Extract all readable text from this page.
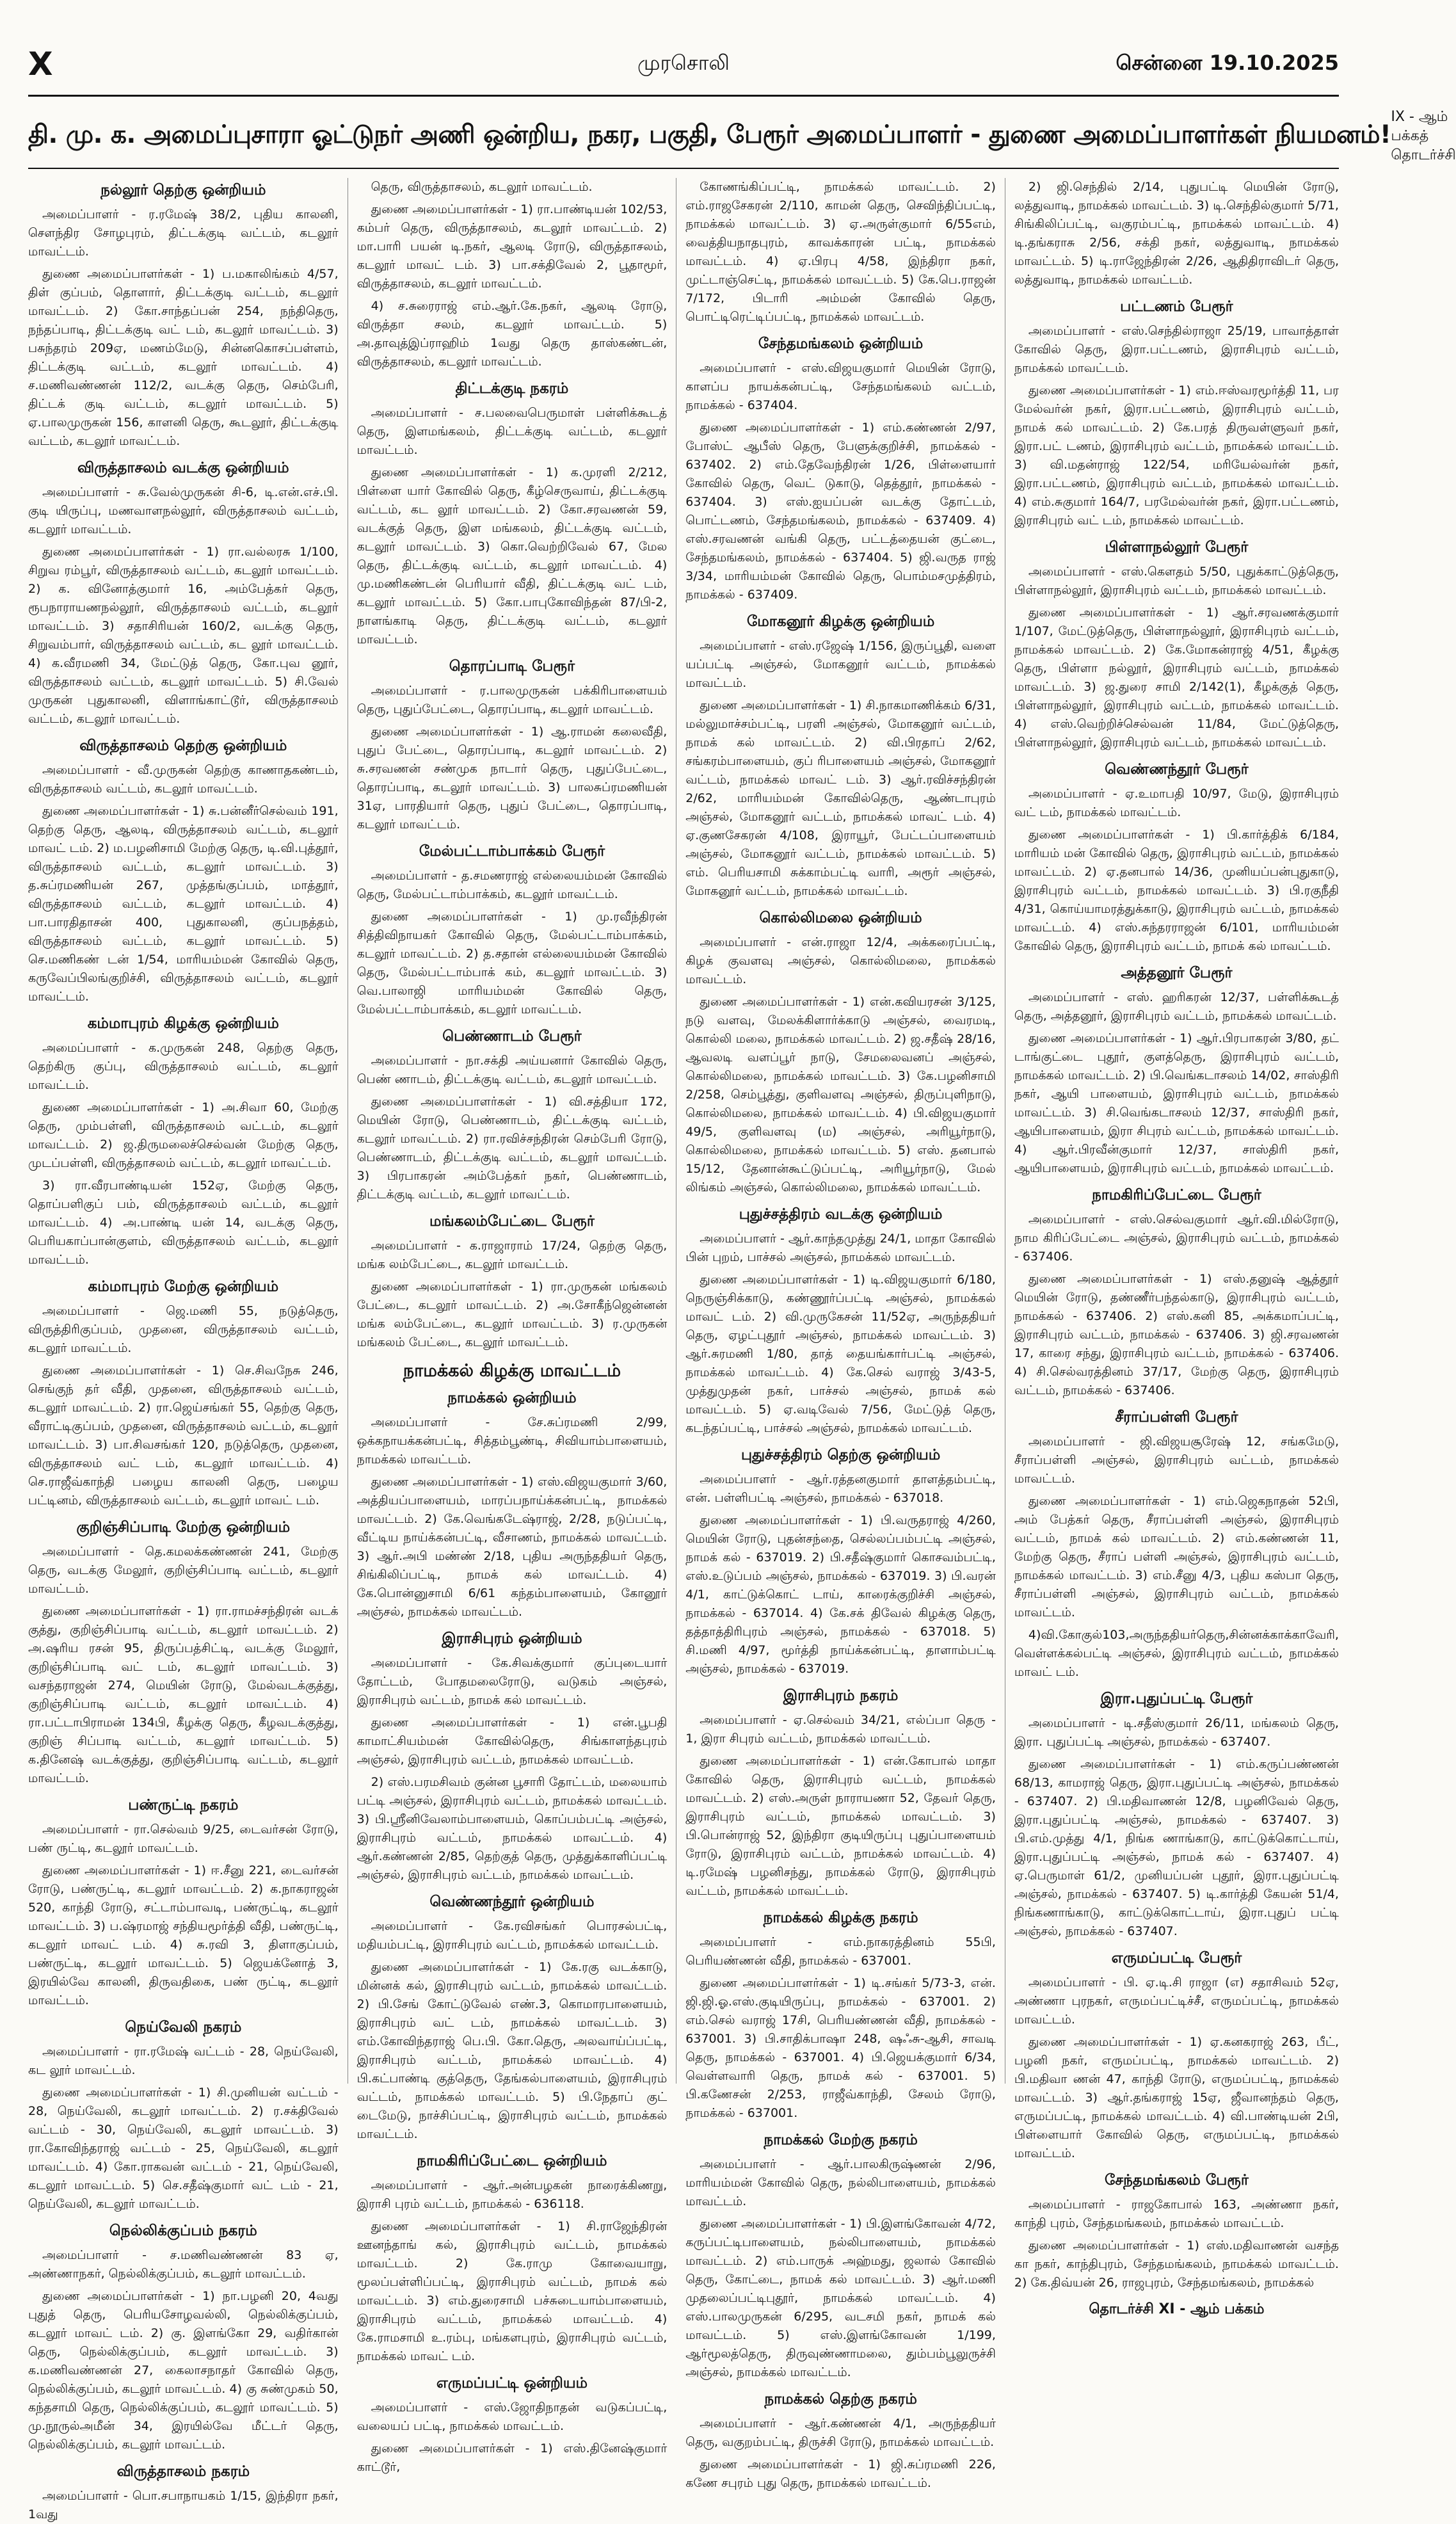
X	முரசொலி	சென்னை 19.10.2025
தி. மு. க. அமைப்புசாரா ஓட்டுநர் அணி ஒன்றிய, நகர, பகுதி, பேரூர் அமைப்பாளர் - துணை அமைப்பாளர்கள் நியமனம்!
IX - ஆம் பக்கத் தொடர்ச்சி
நல்லூர் தெற்கு ஒன்றியம்

அமைப்பாளர் - ர.ரமேஷ் 38/2, புதிய காலனி, சௌந்திர சோழபுரம், திட்டக்குடி வட்டம், கடலூர் மாவட்டம்.

துணை அமைப்பாளர்கள் - 1) ப.மகாலிங்கம் 4/57, திள் குப்பம், தொளார், திட்டக்குடி வட்டம், கடலூர் மாவட்டம். 2) கோ.சாந்தப்பன் 254, நந்திதெரு, நந்தப்பாடி, திட்டக்குடி வட் டம், கடலூர் மாவட்டம். 3) பசுந்தரம் 209ஏ, மணம்மேடு, சின்னகொசப்பள்ளம், திட்டக்குடி வட்டம், கடலூர் மாவட்டம். 4) ச.மணிவண்ணன் 112/2, வடக்கு தெரு, செம்பேரி, திட்டக் குடி வட்டம், கடலூர் மாவட்டம். 5) ஏ.பாலமுருகன் 156, காளனி தெரு, கூடலூர், திட்டக்குடி வட்டம், கடலூர் மாவட்டம்.

விருத்தாசலம் வடக்கு ஒன்றியம்

அமைப்பாளர் - சு.வேல்முருகன் சி-6, டி.என்.எச்.பி. குடி யிருப்பு, மணவாளநல்லூர், விருத்தாசலம் வட்டம், கடலூர் மாவட்டம்.

துணை அமைப்பாளர்கள் - 1) ரா.வல்லரசு 1/100, சிறுவ ரம்பூர், விருத்தாசலம் வட்டம், கடலூர் மாவட்டம். 2) க. வினோத்குமார் 16, அம்பேத்கர் தெரு, ரூபநாராயணநல்லூர், விருத்தாசலம் வட்டம், கடலூர் மாவட்டம். 3) சதாசிரியன் 160/2, வடக்கு தெரு, சிறுவம்பார், விருத்தாசலம் வட்டம், கட லூர் மாவட்டம். 4) க.வீரமணி 34, மேட்டுத் தெரு, கோ.புவ னூர், விருத்தாசலம் வட்டம், கடலூர் மாவட்டம். 5) சி.வேல் முருகன் புதுகாலனி, விளாங்காட்டூர், விருத்தாசலம் வட்டம், கடலூர் மாவட்டம்.

விருத்தாசலம் தெற்கு ஒன்றியம்

அமைப்பாளர் - வீ.முருகன் தெற்கு காணாதகண்டம், விருத்தாசலம் வட்டம், கடலூர் மாவட்டம்.

துணை அமைப்பாளர்கள் - 1) சு.பன்னீர்செல்வம் 191, தெற்கு தெரு, ஆலடி, விருத்தாசலம் வட்டம், கடலூர் மாவட் டம். 2) ம.பழனிசாமி மேற்கு தெரு, டி.வி.புத்தூர், விருத்தாசலம் வட்டம், கடலூர் மாவட்டம். 3) த.சுப்ரமணியன் 267, முத்தங்குப்பம், மாத்தூர், விருத்தாசலம் வட்டம், கடலூர் மாவட்டம். 4) பா.பாரதிதாசன் 400, புதுகாலனி, குப்பநத்தம், விருத்தாசலம் வட்டம், கடலூர் மாவட்டம். 5) செ.மணிகண் டன் 1/54, மாரியம்மன் கோவில் தெரு, கருவேப்பிலங்குறிச்சி, விருத்தாசலம் வட்டம், கடலூர் மாவட்டம்.

கம்மாபுரம் கிழக்கு ஒன்றியம்

அமைப்பாளர் - க.முருகன் 248, தெற்கு தெரு, தெற்கிரு குப்பு, விருத்தாசலம் வட்டம், கடலூர் மாவட்டம்.

துணை அமைப்பாளர்கள் - 1) அ.சிவா 60, மேற்கு தெரு, மும்பள்ளி, விருத்தாசலம் வட்டம், கடலூர் மாவட்டம். 2) ஜ.திருமலைச்செல்வன் மேற்கு தெரு, முடப்பள்ளி, விருத்தாசலம் வட்டம், கடலூர் மாவட்டம்.

3) ரா.வீரபாண்டியன் 152ஏ, மேற்கு தெரு, தொப்பளிகுப் பம், விருத்தாசலம் வட்டம், கடலூர் மாவட்டம். 4) அ.பாண்டி யன் 14, வடக்கு தெரு, பெரியகாப்பான்குளம், விருத்தாசலம் வட்டம், கடலூர் மாவட்டம்.

கம்மாபுரம் மேற்கு ஒன்றியம்

அமைப்பாளர் - ஜெ.மணி 55, நடுத்தெரு, விருத்திரிகுப்பம், முதனை, விருத்தாசலம் வட்டம், கடலூர் மாவட்டம்.

துணை அமைப்பாளர்கள் - 1) செ.சிவநேசு 246, செங்குந் தர் வீதி, முதனை, விருத்தாசலம் வட்டம், கடலூர் மாவட்டம். 2) ரா.ஜெய்சங்கர் 55, தெற்கு தெரு, வீராட்டிகுப்பம், முதனை, விருத்தாசலம் வட்டம், கடலூர் மாவட்டம். 3) பா.சிவசங்கர் 120, நடுத்தெரு, முதனை, விருத்தாசலம் வட் டம், கடலூர் மாவட்டம். 4) செ.ராஜீவ்காந்தி பழைய காலனி தெரு, பழைய பட்டினம், விருத்தாசலம் வட்டம், கடலூர் மாவட் டம்.

குறிஞ்சிப்பாடி மேற்கு ஒன்றியம்

அமைப்பாளர் - தெ.கமலக்கண்ணன் 241, மேற்கு தெரு, வடக்கு மேலூர், குறிஞ்சிப்பாடி வட்டம், கடலூர் மாவட்டம்.

துணை அமைப்பாளர்கள் - 1) ரா.ராமச்சந்திரன் வடக் குத்து, குறிஞ்சிப்பாடி வட்டம், கடலூர் மாவட்டம். 2) அ.ஷரிய ரசன் 95, திருப்பத்சிட்டி, வடக்கு மேலூர், குறிஞ்சிப்பாடி வட் டம், கடலூர் மாவட்டம். 3) வசந்தராஜன் 274, மெயின் ரோடு, மேல்வடக்குத்து, குறிஞ்சிப்பாடி வட்டம், கடலூர் மாவட்டம். 4) ரா.பட்டாபிராமன் 134பி, கீழக்கு தெரு, கீழவடக்குத்து, குறிஞ் சிப்பாடி வட்டம், கடலூர் மாவட்டம். 5) க.தினேஷ் வடக்குத்து, குறிஞ்சிப்பாடி வட்டம், கடலூர் மாவட்டம்.

பண்ருட்டி நகரம்

அமைப்பாளர் - ரா.செல்வம் 9/25, டைவர்சன் ரோடு, பண் ருட்டி, கடலூர் மாவட்டம்.

துணை அமைப்பாளர்கள் - 1) ஈ.சீனு 221, டைவர்சன் ரோடு, பண்ருட்டி, கடலூர் மாவட்டம். 2) க.நாகராஜன் 520, காந்தி ரோடு, சட்டாம்பாவடி, பண்ருட்டி, கடலூர் மாவட்டம். 3) ப.ஷ்ரமாஜ் சந்தியமூர்த்தி வீதி, பண்ருட்டி, கடலூர் மாவட் டம். 4) சு.ரவி 3, திளாகுப்பம், பண்ருட்டி, கடலூர் மாவட்டம். 5) ஜெயக்னோத் 3, இரயில்வே காலனி, திருவதிகை, பண் ருட்டி, கடலூர் மாவட்டம்.

நெய்வேலி நகரம்

அமைப்பாளர் - ரா.ரமேஷ் வட்டம் - 28, நெய்வேலி, கட லூர் மாவட்டம்.

துணை அமைப்பாளர்கள் - 1) சி.முனியன் வட்டம் - 28, நெய்வேலி, கடலூர் மாவட்டம். 2) ர.சக்திவேல் வட்டம் - 30, நெய்வேலி, கடலூர் மாவட்டம். 3) ரா.கோவிந்தராஜ் வட்டம் - 25, நெய்வேலி, கடலூர் மாவட்டம். 4) கோ.ராகவன் வட்டம் - 21, நெய்வேலி, கடலூர் மாவட்டம். 5) செ.சதீஷ்குமார் வட் டம் - 21, நெய்வேலி, கடலூர் மாவட்டம்.

நெல்லிக்குப்பம் நகரம்

அமைப்பாளர் - ச.மணிவண்ணன் 83 ஏ, அண்ணாநகர், நெல்லிக்குப்பம், கடலூர் மாவட்டம்.

துணை அமைப்பாளர்கள் - 1) நா.பழனி 20, 4வது புதுத் தெரு, பெரியசோழவல்லி, நெல்லிக்குப்பம், கடலூர் மாவட் டம். 2) கு. இளங்கோ 29, வதிர்கான் தெரு, நெல்லிக்குப்பம், கடலூர் மாவட்டம். 3) க.மணிவண்ணன் 27, கைலாசநாதர் கோவில் தெரு, நெல்லிக்குப்பம், கடலூர் மாவட்டம். 4) கு சுண்முகம் 50, கந்தசாமி தெரு, நெல்லிக்குப்பம், கடலூர் மாவட்டம். 5) மு.நூருல்அமீன் 34, இரயில்வே மீட்டர் தெரு, நெல்லிக்குப்பம், கடலூர் மாவட்டம்.

விருத்தாசலம் நகரம்

அமைப்பாளர் - பொ.சபாநாயகம் 1/15, இந்திரா நகர், 1வது

தெரு, விருத்தாசலம், கடலூர் மாவட்டம்.

துணை அமைப்பாளர்கள் - 1) ரா.பாண்டியன் 102/53, கம்பர் தெரு, விருத்தாசலம், கடலூர் மாவட்டம். 2) மா.பாரி பயன் டி.நகர், ஆலடி ரோடு, விருத்தாசலம், கடலூர் மாவட் டம். 3) பா.சக்திவேல் 2, பூதாமூர், விருத்தாசலம், கடலூர் மாவட்டம்.

4) ச.சுரைராஜ் எம்.ஆர்.கே.நகர், ஆலடி ரோடு, விருத்தா சலம், கடலூர் மாவட்டம். 5) அ.தாவுத்இப்ராஹிம் 1வது தெரு தாஸ்கண்டன், விருத்தாசலம், கடலூர் மாவட்டம்.

திட்டக்குடி நகரம்

அமைப்பாளர் - ச.பலவைபெருமாள் பள்ளிக்கூடத் தெரு, இளமங்கலம், திட்டக்குடி வட்டம், கடலூர் மாவட்டம்.

துணை அமைப்பாளர்கள் - 1) க.முரளி 2/212, பிள்ளை யார் கோவில் தெரு, கீழ்செருவாய், திட்டக்குடி வட்டம், கட லூர் மாவட்டம். 2) கோ.சரவணன் 59, வடக்குத் தெரு, இள மங்கலம், திட்டக்குடி வட்டம், கடலூர் மாவட்டம். 3) கொ.வெற்றிவேல் 67, மேல தெரு, திட்டக்குடி வட்டம், கடலூர் மாவட்டம். 4) மு.மணிகண்டன் பெரியார் வீதி, திட்டக்குடி வட் டம், கடலூர் மாவட்டம். 5) கோ.பாபுகோவிந்தன் 87/பி-2, நாளங்காடி தெரு, திட்டக்குடி வட்டம், கடலூர் மாவட்டம்.

தொரப்பாடி பேரூர்

அமைப்பாளர் - ர.பாலமுருகன் பக்கிரிபாளையம் தெரு, புதுப்பேட்டை, தொரப்பாடி, கடலூர் மாவட்டம்.

துணை அமைப்பாளர்கள் - 1) ஆ.ராமன் கலைவீதி, புதுப் பேட்டை, தொரப்பாடி, கடலூர் மாவட்டம். 2) சு.சரவணன் சண்முக நாடார் தெரு, புதுப்பேட்டை, தொரப்பாடி, கடலூர் மாவட்டம். 3) பாலசுப்ரமணியன் 31ஏ, பாரதியார் தெரு, புதுப் பேட்டை, தொரப்பாடி, கடலூர் மாவட்டம்.

மேல்பட்டாம்பாக்கம் பேரூர்

அமைப்பாளர் - த.சமணராஜ் எல்லையம்மன் கோவில் தெரு, மேல்பட்டாம்பாக்கம், கடலூர் மாவட்டம்.

துணை அமைப்பாளர்கள் - 1) மு.ரவீந்திரன் சித்திவிநாயகர் கோவில் தெரு, மேல்பட்டாம்பாக்கம், கடலூர் மாவட்டம். 2) த.சதான் எல்லையம்மன் கோவில் தெரு, மேல்பட்டாம்பாக் கம், கடலூர் மாவட்டம். 3) வெ.பாலாஜி மாரியம்மன் கோவில் தெரு, மேல்பட்டாம்பாக்கம், கடலூர் மாவட்டம்.

பெண்ணாடம் பேரூர்

அமைப்பாளர் - நா.சக்தி அய்யனார் கோவில் தெரு, பெண் ணாடம், திட்டக்குடி வட்டம், கடலூர் மாவட்டம்.

துணை அமைப்பாளர்கள் - 1) வி.சத்தியா 172, மெயின் ரோடு, பெண்ணாடம், திட்டக்குடி வட்டம், கடலூர் மாவட்டம். 2) ரா.ரவிச்சந்திரன் செம்பேரி ரோடு, பெண்ணாடம், திட்டக்குடி வட்டம், கடலூர் மாவட்டம். 3) பிரபாகரன் அம்பேத்கர் நகர், பெண்ணாடம், திட்டக்குடி வட்டம், கடலூர் மாவட்டம்.

மங்கலம்பேட்டை பேரூர்

அமைப்பாளர் - க.ராஜாராம் 17/24, தெற்கு தெரு, மங்க லம்பேட்டை, கடலூர் மாவட்டம்.

துணை அமைப்பாளர்கள் - 1) ரா.முருகன் மங்கலம் பேட்டை, கடலூர் மாவட்டம். 2) அ.சோகீந்ஜென்னன் மங்க லம்பேட்டை, கடலூர் மாவட்டம். 3) ர.முருகன் மங்கலம் பேட்டை, கடலூர் மாவட்டம்.

நாமக்கல் கிழக்கு மாவட்டம்
நாமக்கல் ஒன்றியம்

அமைப்பாளர் - சே.சுப்ரமணி 2/99, ஒக்கநாயக்கன்பட்டி, சித்தம்பூண்டி, சிவியாம்பாளையம், நாமக்கல் மாவட்டம்.

துணை அமைப்பாளர்கள் - 1) எஸ்.விஜயகுமார் 3/60, அத்தியப்பாளையம், மாரப்பநாய்க்கன்பட்டி, நாமக்கல் மாவட்டம். 2) கே.வெங்கடேஷ்ராஜ், 2/28, நடுப்பட்டி, வீட்டிய நாய்க்கன்பட்டி, வீசாணம், நாமக்கல் மாவட்டம். 3) ஆர்.அபி மண்ண் 2/18, புதிய அருந்ததியர் தெரு, சிங்கிலிப்பட்டி, நாமக் கல் மாவட்டம். 4) கே.பொன்னுசாமி 6/61 கந்தம்பாளையம், கோனூர் அஞ்சல், நாமக்கல் மாவட்டம்.

இராசிபுரம் ஒன்றியம்

அமைப்பாளர் - கே.சிவக்குமார் குப்புடையார் தோட்டம், போதமலைரோடு, வடுகம் அஞ்சல், இராசிபுரம் வட்டம், நாமக் கல் மாவட்டம்.

துணை அமைப்பாளர்கள் - 1) என்.பூபதி காமாட்சியம்மன் கோவில்தெரு, சிங்காளந்தபுரம் அஞ்சல், இராசிபுரம் வட்டம், நாமக்கல் மாவட்டம்.

2) எஸ்.பரமசிவம் குன்ன பூசாரி தோட்டம், மலையாம் பட்டி அஞ்சல், இராசிபுரம் வட்டம், நாமக்கல் மாவட்டம். 3) பி.ஸ்ரீனிவேலாம்பாளையம், கொப்பம்பட்டி அஞ்சல், இராசிபுரம் வட்டம், நாமக்கல் மாவட்டம். 4) ஆர்.கண்ணன் 2/85, தெற்குத் தெரு, முத்துக்காளிப்பட்டி அஞ்சல், இராசிபுரம் வட்டம், நாமக்கல் மாவட்டம்.

வெண்ணந்தூர் ஒன்றியம்

அமைப்பாளர் - கே.ரவிசங்கர் பொரசல்பட்டி, மதியம்பட்டி, இராசிபுரம் வட்டம், நாமக்கல் மாவட்டம்.

துணை அமைப்பாளர்கள் - 1) கே.ரகு வடக்காடு, மின்னக் கல், இராசிபுரம் வட்டம், நாமக்கல் மாவட்டம். 2) பி.சேங் கோட்டுவேல் எண்.3, கொமாரபாளையம், இராசிபுரம் வட் டம், நாமக்கல் மாவட்டம். 3) எம்.கோவிந்தராஜ் பெ.பி. கோ.தெரு, அலவாய்ப்பட்டி, இராசிபுரம் வட்டம், நாமக்கல் மாவட்டம். 4) பி.கட்பாண்டி குத்தெரு, தேங்கல்பாளையம், இராசிபுரம் வட்டம், நாமக்கல் மாவட்டம். 5) பி.நேதாப் குட் டைமேடு, நாச்சிப்பட்டி, இராசிபுரம் வட்டம், நாமக்கல் மாவட்டம்.

நாமகிரிப்பேட்டை ஒன்றியம்

அமைப்பாளர் - ஆர்.அன்பழகன் நாரைக்கிணறு, இராசி புரம் வட்டம், நாமக்கல் - 636118.

துணை அமைப்பாளர்கள் - 1) சி.ராஜேந்திரன் ஊனந்தாங் கல், இராசிபுரம் வட்டம், நாமக்கல் மாவட்டம். 2) கே.ராமு கோவையாறு, மூலப்பள்ளிப்பட்டி, இராசிபுரம் வட்டம், நாமக் கல் மாவட்டம். 3) எம்.துரைசாமி பச்சுடையாம்பாளையம், இராசிபுரம் வட்டம், நாமக்கல் மாவட்டம். 4) கே.ராமசாமி உ.ரம்பு, மங்களபுரம், இராசிபுரம் வட்டம், நாமக்கல் மாவட் டம்.

எருமப்பட்டி ஒன்றியம்

அமைப்பாளர் - எஸ்.ஜோதிநாதன் வடுகப்பட்டி, வலையப் பட்டி, நாமக்கல் மாவட்டம்.

துணை அமைப்பாளர்கள் - 1) எஸ்.தினேஷ்குமார் காட்டூர்,

கோணங்கிப்பட்டி, நாமக்கல் மாவட்டம். 2) எம்.ராஜசேகரன் 2/110, காமன் தெரு, செவிந்திப்பட்டி, நாமக்கல் மாவட்டம். 3) ஏ.அருள்குமார் 6/55எம், வைத்தியநாதபுரம், காவக்காரன் பட்டி, நாமக்கல் மாவட்டம். 4) ஏ.பிரபு 4/58, இந்திரா நகர், முட்டாஞ்செட்டி, நாமக்கல் மாவட்டம். 5) கே.பெ.ராஜன் 7/172, பிடாரி அம்மன் கோவில் தெரு, பொட்டிரெட்டிப்பட்டி, நாமக்கல் மாவட்டம்.

சேந்தமங்கலம் ஒன்றியம்

அமைப்பாளர் - எஸ்.விஜயகுமார் மெயின் ரோடு, காளப்ப நாயக்கன்பட்டி, சேந்தமங்கலம் வட்டம், நாமக்கல் - 637404.

துணை அமைப்பாளர்கள் - 1) எம்.கண்ணன் 2/97, போஸ்ட் ஆபீஸ் தெரு, பேளுக்குறிச்சி, நாமக்கல் - 637402. 2) எம்.தேவேந்திரன் 1/26, பிள்ளையார் கோவில் தெரு, வெட் டுகாடு, தெத்தூர், நாமக்கல் - 637404. 3) எஸ்.ஐயப்பன் வடக்கு தோட்டம், பொட்டணம், சேந்தமங்கலம், நாமக்கல் - 637409. 4) எஸ்.சரவணன் வங்கி தெரு, பட்டத்தையன் குட்டை, சேந்தமங்கலம், நாமக்கல் - 637404. 5) ஜி.வருத ராஜ் 3/34, மாரியம்மன் கோவில் தெரு, பொம்மசமுத்திரம், நாமக்கல் - 637409.

மோகனூர் கிழக்கு ஒன்றியம்

அமைப்பாளர் - எஸ்.ரஜேஷ் 1/156, இருப்பூதி, வளை யப்பட்டி அஞ்சல், மோகனூர் வட்டம், நாமக்கல் மாவட்டம்.

துணை அமைப்பாளர்கள் - 1) சி.நாகமாணிக்கம் 6/31, மல்லுமாச்சம்பட்டி, பரளி அஞ்சல், மோகனூர் வட்டம், நாமக் கல் மாவட்டம். 2) வி.பிரதாப் 2/62, சங்கரம்பாளையம், குப் ரிபாளையம் அஞ்சல், மோகனூர் வட்டம், நாமக்கல் மாவட் டம். 3) ஆர்.ரவிச்சந்திரன் 2/62, மாரியம்மன் கோவில்தெரு, ஆண்டாபுரம் அஞ்சல், மோகனூர் வட்டம், நாமக்கல் மாவட் டம். 4) ஏ.குணசேகரன் 4/108, இராயூர், பேட்டப்பாளையம் அஞ்சல், மோகனூர் வட்டம், நாமக்கல் மாவட்டம். 5) எம். பெரியசாமி சுக்காம்பட்டி வாரி, அரூர் அஞ்சல், மோகனூர் வட்டம், நாமக்கல் மாவட்டம்.

கொல்லிமலை ஒன்றியம்

அமைப்பாளர் - என்.ராஜா 12/4, அக்கரைப்பட்டி, கிழக் குவளவு அஞ்சல், கொல்லிமலை, நாமக்கல் மாவட்டம்.

துணை அமைப்பாளர்கள் - 1) என்.கவியரசன் 3/125, நடு வளவு, மேலக்கிளார்க்காடு அஞ்சல், வைரமடி, கொல்லி மலை, நாமக்கல் மாவட்டம். 2) ஜ.சதீஷ் 28/16, ஆவலடி வளப்பூர் நாடு, சேமலைவனப் அஞ்சல், கொல்லிமலை, நாமக்கல் மாவட்டம். 3) கே.பழனிசாமி 2/258, செம்பூத்து, குளிவளவு அஞ்சல், திருப்புளிநாடு, கொல்லிமலை, நாமக்கல் மாவட்டம். 4) பி.விஜயகுமார் 49/5, குளிவளவு (ம) அஞ்சல், அரியூர்நாடு, கொல்லிமலை, நாமக்கல் மாவட்டம். 5) எஸ். தனபால் 15/12, தேனான்கூட்டுப்பட்டி, அரியூர்நாடு, மேல் லிங்கம் அஞ்சல், கொல்லிமலை, நாமக்கல் மாவட்டம்.

புதுச்சத்திரம் வடக்கு ஒன்றியம்

அமைப்பாளர் - ஆர்.காந்தமுத்து 24/1, மாதா கோவில் பின் புறம், பாச்சல் அஞ்சல், நாமக்கல் மாவட்டம்.

துணை அமைப்பாளர்கள் - 1) டி.விஜயகுமார் 6/180, நெருஞ்சிக்காடு, கண்ணூர்ப்பட்டி அஞ்சல், நாமக்கல் மாவட் டம். 2) வி.முருகேசன் 11/52ஏ, அருந்ததியர் தெரு, ஏழட்புதூர் அஞ்சல், நாமக்கல் மாவட்டம். 3) ஆர்.சுரமணி 1/80, தாத் தையங்கார்பட்டி அஞ்சல், நாமக்கல் மாவட்டம். 4) கே.செல் வராஜ் 3/43-5, முத்துமுதன் நகர், பாச்சல் அஞ்சல், நாமக் கல் மாவட்டம். 5) ஏ.வடிவேல் 7/56, மேட்டுத் தெரு, கடந்தப்பட்டி, பாச்சல் அஞ்சல், நாமக்கல் மாவட்டம்.

புதுச்சத்திரம் தெற்கு ஒன்றியம்

அமைப்பாளர் - ஆர்.ரத்தனகுமார் தாளத்தம்பட்டி, என். பள்ளிபட்டி அஞ்சல், நாமக்கல் - 637018.

துணை அமைப்பாளர்கள் - 1) பி.வருதராஜ் 4/260, மெயின் ரோடு, புதன்சந்தை, செல்லப்பம்பட்டி அஞ்சல், நாமக் கல் - 637019. 2) பி.சதீஷ்குமார் கொசவம்பட்டி, எஸ்.உடுப்பம் அஞ்சல், நாமக்கல் - 637019. 3) பி.வரன் 4/1, காட்டுக்கொட் டாய், காரைக்குறிச்சி அஞ்சல், நாமக்கல் - 637014. 4) கே.சக் திவேல் கிழக்கு தெரு, தத்தாத்திரிபுரம் அஞ்சல், நாமக்கல் - 637018. 5) சி.மணி 4/97, மூர்த்தி நாய்க்கன்பட்டி, தாளாம்பட்டி அஞ்சல், நாமக்கல் - 637019.

இராசிபுரம் நகரம்

அமைப்பாளர் - ஏ.செல்வம் 34/21, எல்ப்பா தெரு - 1, இரா சிபுரம் வட்டம், நாமக்கல் மாவட்டம்.

துணை அமைப்பாளர்கள் - 1) என்.கோபால் மாதா கோவில் தெரு, இராசிபுரம் வட்டம், நாமக்கல் மாவட்டம். 2) எஸ்.அருள் நாராயணா 52, தேவர் தெரு, இராசிபுரம் வட்டம், நாமக்கல் மாவட்டம். 3) பி.பொன்ராஜ் 52, இந்திரா குடியிருப்பு புதுப்பாளையம் ரோடு, இராசிபுரம் வட்டம், நாமக்கல் மாவட்டம். 4) டி.ரமேஷ் பழனிசந்து, நாமக்கல் ரோடு, இராசிபுரம் வட்டம், நாமக்கல் மாவட்டம்.

நாமக்கல் கிழக்கு நகரம்

அமைப்பாளர் - எம்.நாகரத்தினம் 55பி, பெரியண்ணன் வீதி, நாமக்கல் - 637001.

துணை அமைப்பாளர்கள் - 1) டி.சங்கர் 5/73-3, என். ஜி.ஜி.ஓ.எஸ்.குடியிருப்பு, நாமக்கல் - 637001. 2) எம்.செல் வராஜ் 17சி, பெரியண்ணன் வீதி, நாமக்கல் - 637001. 3) பி.சாதிக்பாஷா 248, ஷஃசு-ஆசி, சாவடி தெரு, நாமக்கல் - 637001. 4) பி.ஜெயக்குமார் 6/34, வெள்ளவாரி தெரு, நாமக் கல் - 637001. 5) பி.கணேசன் 2/253, ராஜீவ்காந்தி, சேலம் ரோடு, நாமக்கல் - 637001.

நாமக்கல் மேற்கு நகரம்

அமைப்பாளர் - ஆர்.பாலகிருஷ்ணன் 2/96, மாரியம்மன் கோவில் தெரு, நல்லிபாளையம், நாமக்கல் மாவட்டம்.

துணை அமைப்பாளர்கள் - 1) பி.இளங்கோவன் 4/72, கருப்பட்டிபாளையம், நல்லிபாளையம், நாமக்கல் மாவட்டம். 2) எம்.பாருக் அஹ்மது, ஜலால் கோவில் தெரு, கோட்டை, நாமக் கல் மாவட்டம். 3) ஆர்.மணி முதலைப்பட்டிபுதூர், நாமக்கல் மாவட்டம். 4) எஸ்.பாலமுருகன் 6/295, வடசமி நகர், நாமக் கல் மாவட்டம். 5) எஸ்.இளங்கோவன் 1/199, ஆர்மூலத்தெரு, திருவுண்ணாமலை, தும்பம்பூலுருச்சி அஞ்சல், நாமக்கல் மாவட்டம்.

நாமக்கல் தெற்கு நகரம்

அமைப்பாளர் - ஆர்.கண்ணன் 4/1, அருந்ததியர் தெரு, வகுறம்பட்டி, திருச்சி ரோடு, நாமக்கல் மாவட்டம்.

துணை அமைப்பாளர்கள் - 1) ஜி.சுப்ரமணி 226, கணே சபுரம் புது தெரு, நாமக்கல் மாவட்டம்.

2) ஜி.செந்தில் 2/14, புதுபட்டி மெயின் ரோடு, லத்துவாடி, நாமக்கல் மாவட்டம். 3) டி.செந்தில்குமார் 5/71, சிங்கிலிப்பட்டி, வகுரம்பட்டி, நாமக்கல் மாவட்டம். 4) டி.தங்கராசு 2/56, சக்தி நகர், லத்துவாடி, நாமக்கல் மாவட்டம். 5) டி.ராஜேந்திரன் 2/26, ஆதிதிராவிடர் தெரு, லத்துவாடி, நாமக்கல் மாவட்டம்.

பட்டணம் பேரூர்

அமைப்பாளர் - எஸ்.செந்தில்ராஜா 25/19, பாவாத்தாள் கோவில் தெரு, இரா.பட்டணம், இராசிபுரம் வட்டம், நாமக்கல் மாவட்டம்.

துணை அமைப்பாளர்கள் - 1) எம்.ஈஸ்வரமூர்த்தி 11, பர மேல்வர்ன் நகர், இரா.பட்டணம், இராசிபுரம் வட்டம், நாமக் கல் மாவட்டம். 2) கே.பரத் திருவள்ளுவர் நகர், இரா.பட் டணம், இராசிபுரம் வட்டம், நாமக்கல் மாவட்டம். 3) வி.மதன்ராஜ் 122/54, மரியேல்வர்ன் நகர், இரா.பட்டணம், இராசிபுரம் வட்டம், நாமக்கல் மாவட்டம். 4) எம்.சுகுமார் 164/7, பரமேல்வர்ன் நகர், இரா.பட்டணம், இராசிபுரம் வட் டம், நாமக்கல் மாவட்டம்.

பிள்ளாநல்லூர் பேரூர்

அமைப்பாளர் - எஸ்.கௌதம் 5/50, புதுக்காட்டுத்தெரு, பிள்ளாநல்லூர், இராசிபுரம் வட்டம், நாமக்கல் மாவட்டம்.

துணை அமைப்பாளர்கள் - 1) ஆர்.சரவணக்குமார் 1/107, மேட்டுத்தெரு, பிள்ளாநல்லூர், இராசிபுரம் வட்டம், நாமக்கல் மாவட்டம். 2) கே.மோகன்ராஜ் 4/51, கீழக்கு தெரு, பிள்ளா நல்லூர், இராசிபுரம் வட்டம், நாமக்கல் மாவட்டம். 3) ஜ.துரை சாமி 2/142(1), கீழக்குத் தெரு, பிள்ளாநல்லூர், இராசிபுரம் வட்டம், நாமக்கல் மாவட்டம். 4) எஸ்.வெற்றிச்செல்வன் 11/84, மேட்டுத்தெரு, பிள்ளாநல்லூர், இராசிபுரம் வட்டம், நாமக்கல் மாவட்டம்.

வெண்ணந்தூர் பேரூர்

அமைப்பாளர் - ஏ.உமாபதி 10/97, மேடு, இராசிபுரம் வட் டம், நாமக்கல் மாவட்டம்.

துணை அமைப்பாளர்கள் - 1) பி.கார்த்திக் 6/184, மாரியம் மன் கோவில் தெரு, இராசிபுரம் வட்டம், நாமக்கல் மாவட்டம். 2) ஏ.தனபால் 14/36, முனியப்பன்புதுகாடு, இராசிபுரம் வட்டம், நாமக்கல் மாவட்டம். 3) பி.ரகுநீதி 4/31, கொய்யாமரத்துக்காடு, இராசிபுரம் வட்டம், நாமக்கல் மாவட்டம். 4) எஸ்.சுந்தரராஜன் 6/101, மாரியம்மன் கோவில் தெரு, இராசிபுரம் வட்டம், நாமக் கல் மாவட்டம்.

அத்தனூர் பேரூர்

அமைப்பாளர் - எஸ். ஹரிகரன் 12/37, பள்ளிக்கூடத் தெரு, அத்தனூர், இராசிபுரம் வட்டம், நாமக்கல் மாவட்டம்.

துணை அமைப்பாளர்கள் - 1) ஆர்.பிரபாகரன் 3/80, தட் டாங்குட்டை புதூர், குளத்தெரு, இராசிபுரம் வட்டம், நாமக்கல் மாவட்டம். 2) பி.வெங்கடாசலம் 14/02, சாஸ்திரி நகர், ஆயி பாளையம், இராசிபுரம் வட்டம், நாமக்கல் மாவட்டம். 3) சி.வெங்கடாசலம் 12/37, சாஸ்திரி நகர், ஆயிபாளையம், இரா சிபுரம் வட்டம், நாமக்கல் மாவட்டம். 4) ஆர்.பிரவீன்குமார் 12/37, சாஸ்திரி நகர், ஆயிபாளையம், இராசிபுரம் வட்டம், நாமக்கல் மாவட்டம்.

நாமகிரிப்பேட்டை பேரூர்

அமைப்பாளர் - எஸ்.செல்வகுமார் ஆர்.வி.மில்ரோடு, நாம கிரிப்பேட்டை அஞ்சல், இராசிபுரம் வட்டம், நாமக்கல் - 637406.

துணை அமைப்பாளர்கள் - 1) எஸ்.தனுஷ் ஆத்தூர் மெயின் ரோடு, தண்ணீர்பந்தல்காடு, இராசிபுரம் வட்டம், நாமக்கல் - 637406. 2) எஸ்.கனி 85, அக்கமாப்பட்டி, இராசிபுரம் வட்டம், நாமக்கல் - 637406. 3) ஜி.சரவணன் 17, காரை சந்து, இராசிபுரம் வட்டம், நாமக்கல் - 637406. 4) சி.செல்வரத்தினம் 37/17, மேற்கு தெரு, இராசிபுரம் வட்டம், நாமக்கல் - 637406.

சீராப்பள்ளி பேரூர்

அமைப்பாளர் - ஜி.விஜயசூரேஷ் 12, சங்கமேடு, சீராப்பள்ளி அஞ்சல், இராசிபுரம் வட்டம், நாமக்கல் மாவட்டம்.

துணை அமைப்பாளர்கள் - 1) எம்.ஜெகநாதன் 52பி, அம் பேத்கர் தெரு, சீராப்பள்ளி அஞ்சல், இராசிபுரம் வட்டம், நாமக் கல் மாவட்டம். 2) எம்.கண்ணன் 11, மேற்கு தெரு, சீராப் பள்ளி அஞ்சல், இராசிபுரம் வட்டம், நாமக்கல் மாவட்டம். 3) எம்.சீனு 4/3, புதிய கஸ்பா தெரு, சீராப்பள்ளி அஞ்சல், இராசிபுரம் வட்டம், நாமக்கல் மாவட்டம்.

4)வி.கோகுல்103,அருந்ததியர்தெரு,சின்னக்காக்காவேரி, வெள்ளக்கல்பட்டி அஞ்சல், இராசிபுரம் வட்டம், நாமக்கல் மாவட் டம்.

இரா.புதுப்பட்டி பேரூர்

அமைப்பாளர் - டி.சதீஸ்குமார் 26/11, மங்கலம் தெரு, இரா. புதுப்பட்டி அஞ்சல், நாமக்கல் - 637407.

துணை அமைப்பாளர்கள் - 1) எம்.கருப்பண்ணன் 68/13, காமராஜ் தெரு, இரா.புதுப்பட்டி அஞ்சல், நாமக்கல் - 637407. 2) பி.மதிவாணன் 12/8, பழனிவேல் தெரு, இரா.புதுப்பட்டி அஞ்சல், நாமக்கல் - 637407. 3) பி.எம்.முத்து 4/1, நிங்க ணாங்காடு, காட்டுக்கொட்டாய், இரா.புதுப்பட்டி அஞ்சல், நாமக் கல் - 637407. 4) ஏ.பெருமாள் 61/2, முனியப்பன் புதூர், இரா.புதுப்பட்டி அஞ்சல், நாமக்கல் - 637407. 5) டி.கார்த்தி கேயன் 51/4, நிங்கணாங்காடு, காட்டுக்கொட்டாய், இரா.புதுப் பட்டி அஞ்சல், நாமக்கல் - 637407.

எருமப்பட்டி பேரூர்

அமைப்பாளர் - பி. ஏ.டி.சி ராஜா (எ) சதாசிவம் 52ஏ, அண்ணா புரநகர், எருமப்பட்டிச்சீ, எருமப்பட்டி, நாமக்கல் மாவட்டம்.

துணை அமைப்பாளர்கள் - 1) ஏ.கனகராஜ் 263, பீட், பழனி நகர், எருமப்பட்டி, நாமக்கல் மாவட்டம். 2) பி.மதிவா ணன் 47, காந்தி ரோடு, எருமப்பட்டி, நாமக்கல் மாவட்டம். 3) ஆர்.தங்கராஜ் 15ஏ, ஜீவானந்தம் தெரு, எருமப்பட்டி, நாமக்கல் மாவட்டம். 4) வி.பாண்டியன் 2பி, பிள்ளையார் கோவில் தெரு, எருமப்பட்டி, நாமக்கல் மாவட்டம்.

சேந்தமங்கலம் பேரூர்

அமைப்பாளர் - ராஜகோபால் 163, அண்ணா நகர், காந்தி புரம், சேந்தமங்கலம், நாமக்கல் மாவட்டம்.

துணை அமைப்பாளர்கள் - 1) எஸ்.மதிவாணன் வசந்த கா நகர், காந்திபுரம், சேந்தமங்கலம், நாமக்கல் மாவட்டம். 2) கே.திவ்யன் 26, ராஜபுரம், சேந்தமங்கலம், நாமக்கல்

தொடர்ச்சி XI - ஆம் பக்கம்
